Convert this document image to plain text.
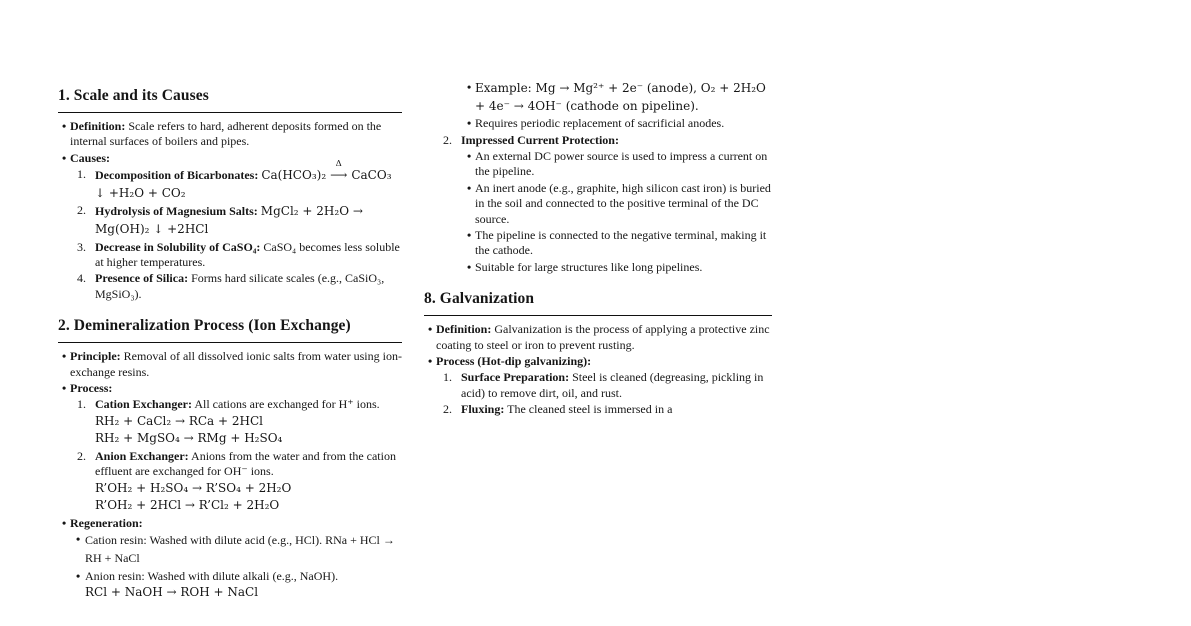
1. Scale and its Causes
• Definition: Scale refers to hard, adherent deposits formed on the internal surfaces of boilers and pipes.
• Causes:
1. Decomposition of Bicarbonates: Ca(HCO₃)₂
Δ
⟶ CaCO₃ ↓ +H₂O + CO₂
2. Hydrolysis of Magnesium Salts: MgCl₂ + 2H₂O → Mg(OH)₂ ↓ +2HCl
3. Decrease in Solubility of CaSO₄: CaSO₄ becomes less soluble at higher temperatures.
4. Presence of Silica: Forms hard silicate scales (e.g., CaSiO₃, MgSiO₃).
2. Demineralization Process (Ion Exchange)
• Principle: Removal of all dissolved ionic salts from water using ion-exchange resins.
• Process:
1. Cation Exchanger: All cations are exchanged for H⁺ ions.
RH₂ + CaCl₂ → RCa + 2HCl
RH₂ + MgSO₄ → RMg + H₂SO₄
2. Anion Exchanger: Anions from the water and from the cation effluent are exchanged for OH⁻ ions.
R’OH₂ + H₂SO₄ → R’SO₄ + 2H₂O
R’OH₂ + 2HCl → R’Cl₂ + 2H₂O
• Regeneration:
• Cation resin: Washed with dilute acid (e.g., HCl). RNa + HCl → RH + NaCl
• Anion resin: Washed with dilute alkali (e.g., NaOH).
RCl + NaOH → ROH + NaCl
• Example: Mg → Mg²⁺ + 2e⁻ (anode), O₂ + 2H₂O + 4e⁻ → 4OH⁻ (cathode on pipeline).
• Requires periodic replacement of sacrificial anodes.
2. Impressed Current Protection:
• An external DC power source is used to impress a current on the pipeline.
• An inert anode (e.g., graphite, high silicon cast iron) is buried in the soil and connected to the positive terminal of the DC source.
• The pipeline is connected to the negative terminal, making it the cathode.
• Suitable for large structures like long pipelines.
8. Galvanization
• Definition: Galvanization is the process of applying a protective zinc coating to steel or iron to prevent rusting.
• Process (Hot-dip galvanizing):
1. Surface Preparation: Steel is cleaned (degreasing, pickling in acid) to remove dirt, oil, and rust.
2. Fluxing: The cleaned steel is immersed in a
